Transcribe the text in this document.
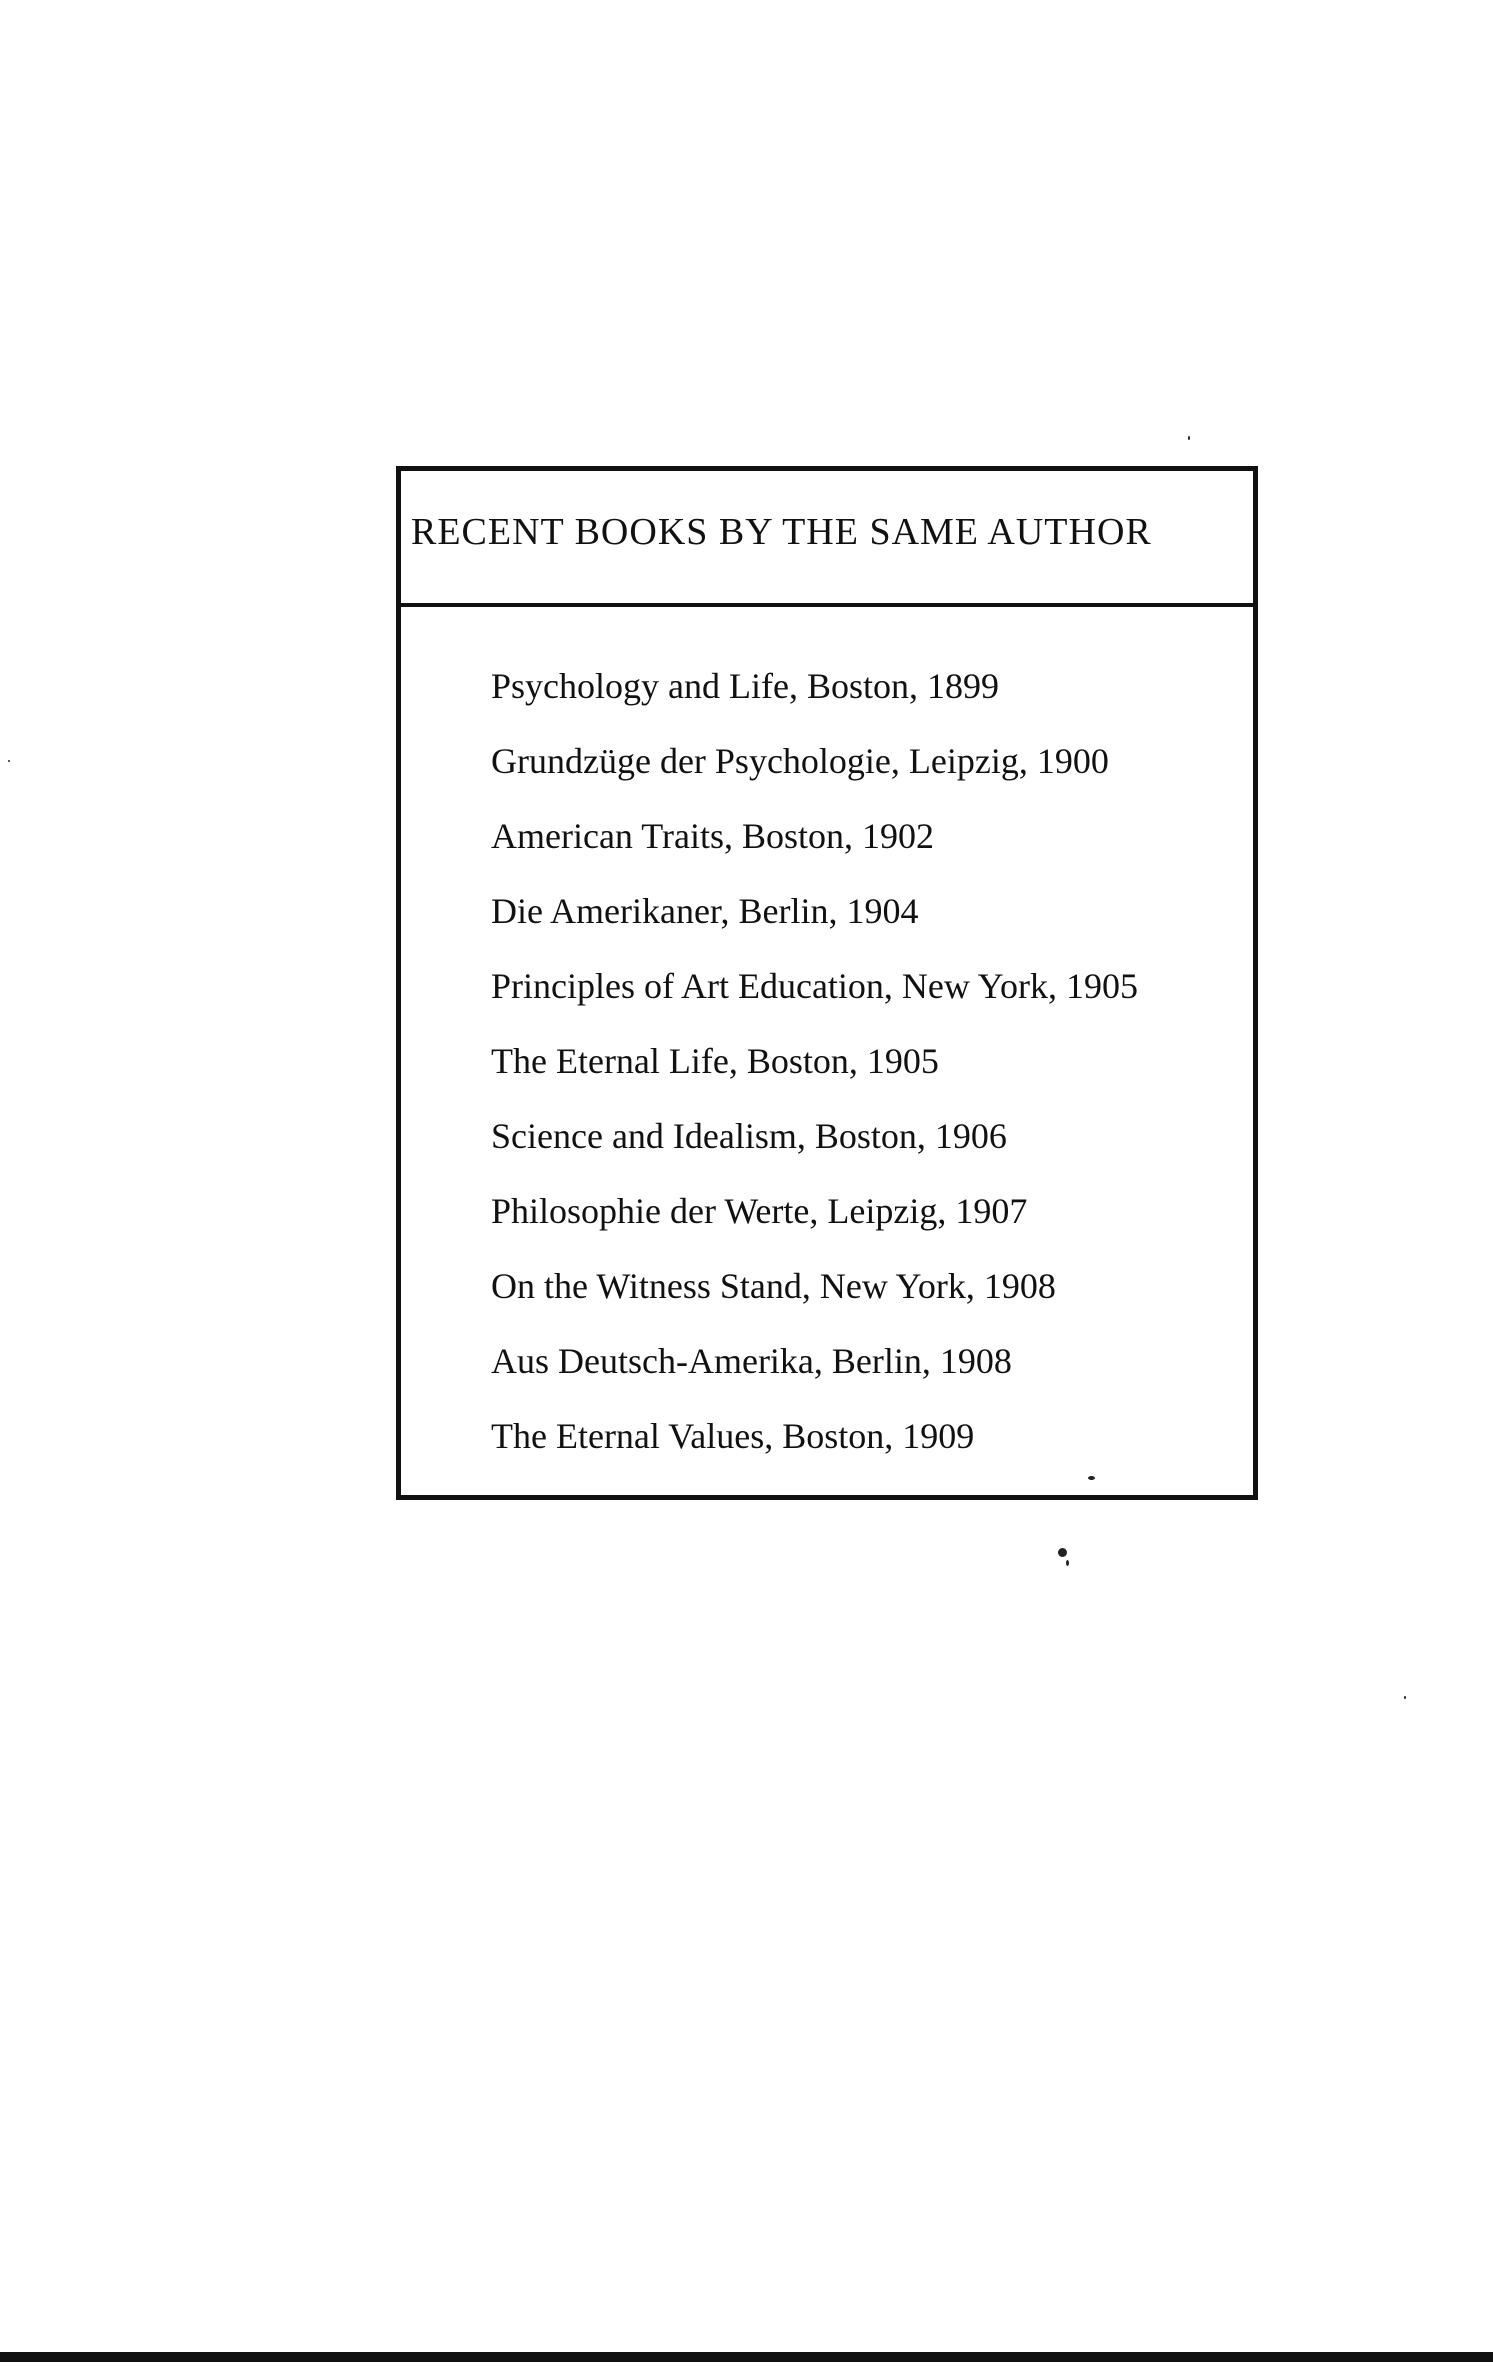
RECENT BOOKS BY THE SAME AUTHOR
Psychology and Life, Boston, 1899
Grundzüge der Psychologie, Leipzig, 1900
American Traits, Boston, 1902
Die Amerikaner, Berlin, 1904
Principles of Art Education, New York, 1905
The Eternal Life, Boston, 1905
Science and Idealism, Boston, 1906
Philosophie der Werte, Leipzig, 1907
On the Witness Stand, New York, 1908
Aus Deutsch-Amerika, Berlin, 1908
The Eternal Values, Boston, 1909
